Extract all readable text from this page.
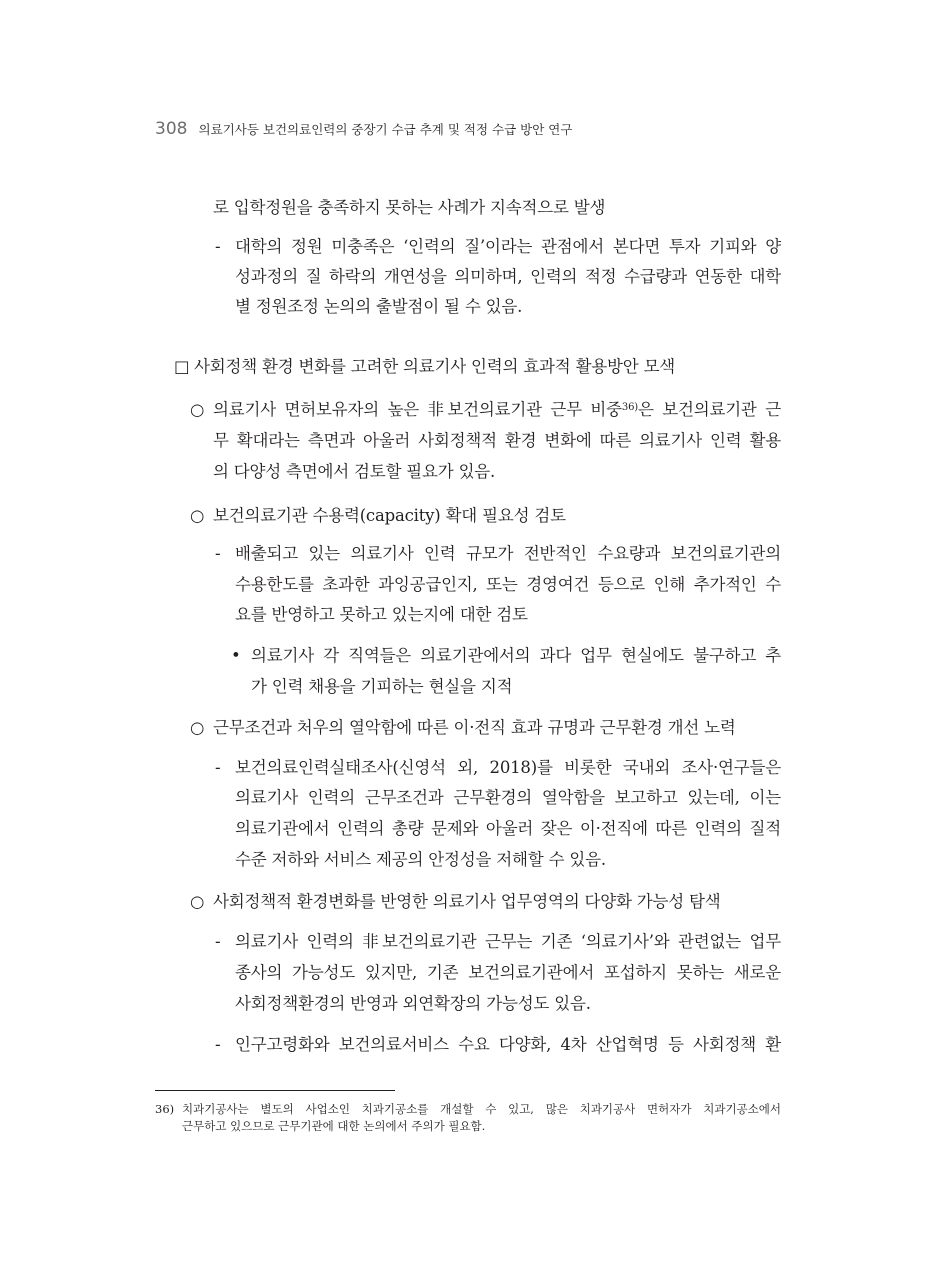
308 의료기사등 보건의료인력의 중장기 수급 추계 및 적정 수급 방안 연구
로 입학정원을 충족하지 못하는 사례가 지속적으로 발생
- 대학의 정원 미충족은 ‘인력의 질’이라는 관점에서 본다면 투자 기피와 양
성과정의 질 하락의 개연성을 의미하며, 인력의 적정 수급량과 연동한 대학
별 정원조정 논의의 출발점이 될 수 있음.
□ 사회정책 환경 변화를 고려한 의료기사 인력의 효과적 활용방안 모색
○ 의료기사 면허보유자의 높은 非보건의료기관 근무 비중$^{36)}$은 보건의료기관 근
무 확대라는 측면과 아울러 사회정책적 환경 변화에 따른 의료기사 인력 활용
의 다양성 측면에서 검토할 필요가 있음.
○ 보건의료기관 수용력(capacity) 확대 필요성 검토
- 배출되고 있는 의료기사 인력 규모가 전반적인 수요량과 보건의료기관의
수용한도를 초과한 과잉공급인지, 또는 경영여건 등으로 인해 추가적인 수
요를 반영하고 못하고 있는지에 대한 검토
• 의료기사 각 직역들은 의료기관에서의 과다 업무 현실에도 불구하고 추
가 인력 채용을 기피하는 현실을 지적
○ 근무조건과 처우의 열악함에 따른 이·전직 효과 규명과 근무환경 개선 노력
- 보건의료인력실태조사(신영석 외, 2018)를 비롯한 국내외 조사·연구들은
의료기사 인력의 근무조건과 근무환경의 열악함을 보고하고 있는데, 이는
의료기관에서 인력의 총량 문제와 아울러 잦은 이·전직에 따른 인력의 질적
수준 저하와 서비스 제공의 안정성을 저해할 수 있음.
○ 사회정책적 환경변화를 반영한 의료기사 업무영역의 다양화 가능성 탐색
- 의료기사 인력의 非보건의료기관 근무는 기존 ‘의료기사’와 관련없는 업무
종사의 가능성도 있지만, 기존 보건의료기관에서 포섭하지 못하는 새로운
사회정책환경의 반영과 외연확장의 가능성도 있음.
- 인구고령화와 보건의료서비스 수요 다양화, 4차 산업혁명 등 사회정책 환
36) 치과기공사는 별도의 사업소인 치과기공소를 개설할 수 있고, 많은 치과기공사 면허자가 치과기공소에서
근무하고 있으므로 근무기관에 대한 논의에서 주의가 필요함.
